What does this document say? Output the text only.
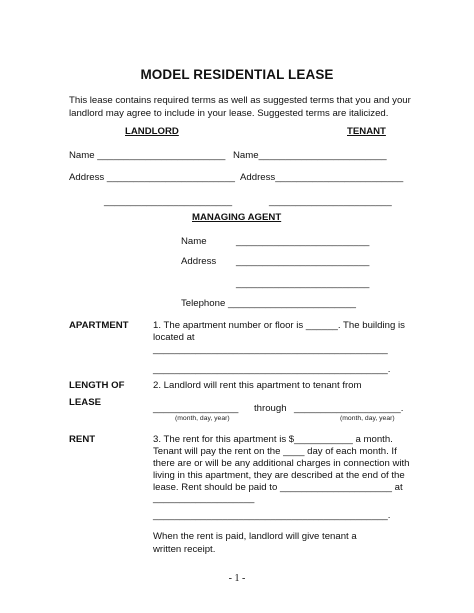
MODEL RESIDENTIAL LEASE
This lease contains required terms as well as suggested terms that you and your
landlord may agree to include in your lease. Suggested terms are italicized.
LANDLORD	TENANT
Name ________________________ Name________________________
Address ________________________ Address________________________
________________________	_______________________
MANAGING AGENT
Name	_________________________
Address _________________________
_________________________
Telephone ________________________
APARTMENT	1. The apartment number or floor is ______. The building is
located at
____________________________________________
____________________________________________.
LENGTH OF
LEASE
2. Landlord will rent this apartment to tenant from
________________ through ____________________.
(month, day, year)	(month, day, year)
RENT	3. The rent for this apartment is $___________ a month.
Tenant will pay the rent on the ____ day of each month. If
there are or will be any additional charges in connection with
living in this apartment, they are described at the end of the
lease. Rent should be paid to _____________________ at
___________________
____________________________________________.
When the rent is paid, landlord will give tenant a
written receipt.
- 1 -
